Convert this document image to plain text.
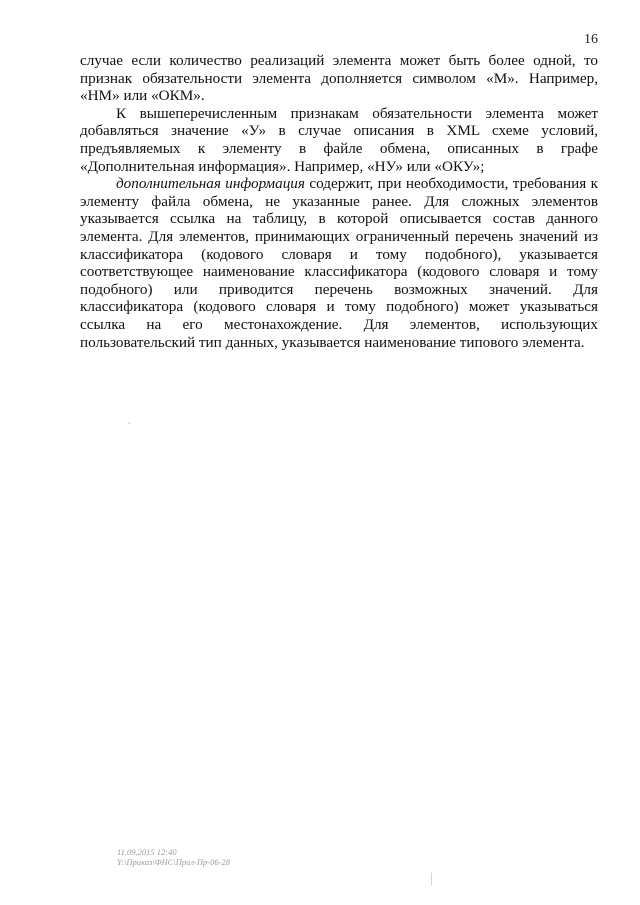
16

случае если количество реализаций элемента может быть более одной, то признак обязательности элемента дополняется символом «М». Например, «НМ» или «ОКМ».

К вышеперечисленным признакам обязательности элемента может добавляться значение «У» в случае описания в XML схеме условий, предъявляемых к элементу в файле обмена, описанных в графе «Дополнительная информация». Например, «НУ» или «ОКУ»;

дополнительная информация содержит, при необходимости, требования к элементу файла обмена, не указанные ранее. Для сложных элементов указывается ссылка на таблицу, в которой описывается состав данного элемента. Для элементов, принимающих ограниченный перечень значений из классификатора (кодового словаря и тому подобного), указывается соответствующее наименование классификатора (кодового словаря и тому подобного) или приводится перечень возможных значений. Для классификатора (кодового словаря и тому подобного) может указываться ссылка на его местонахождение. Для элементов, использующих пользовательский тип данных, указывается наименование типового элемента.

11.09.2015 12:40
Y:\Приказ\ФНС\Прил-Пр-06-28
